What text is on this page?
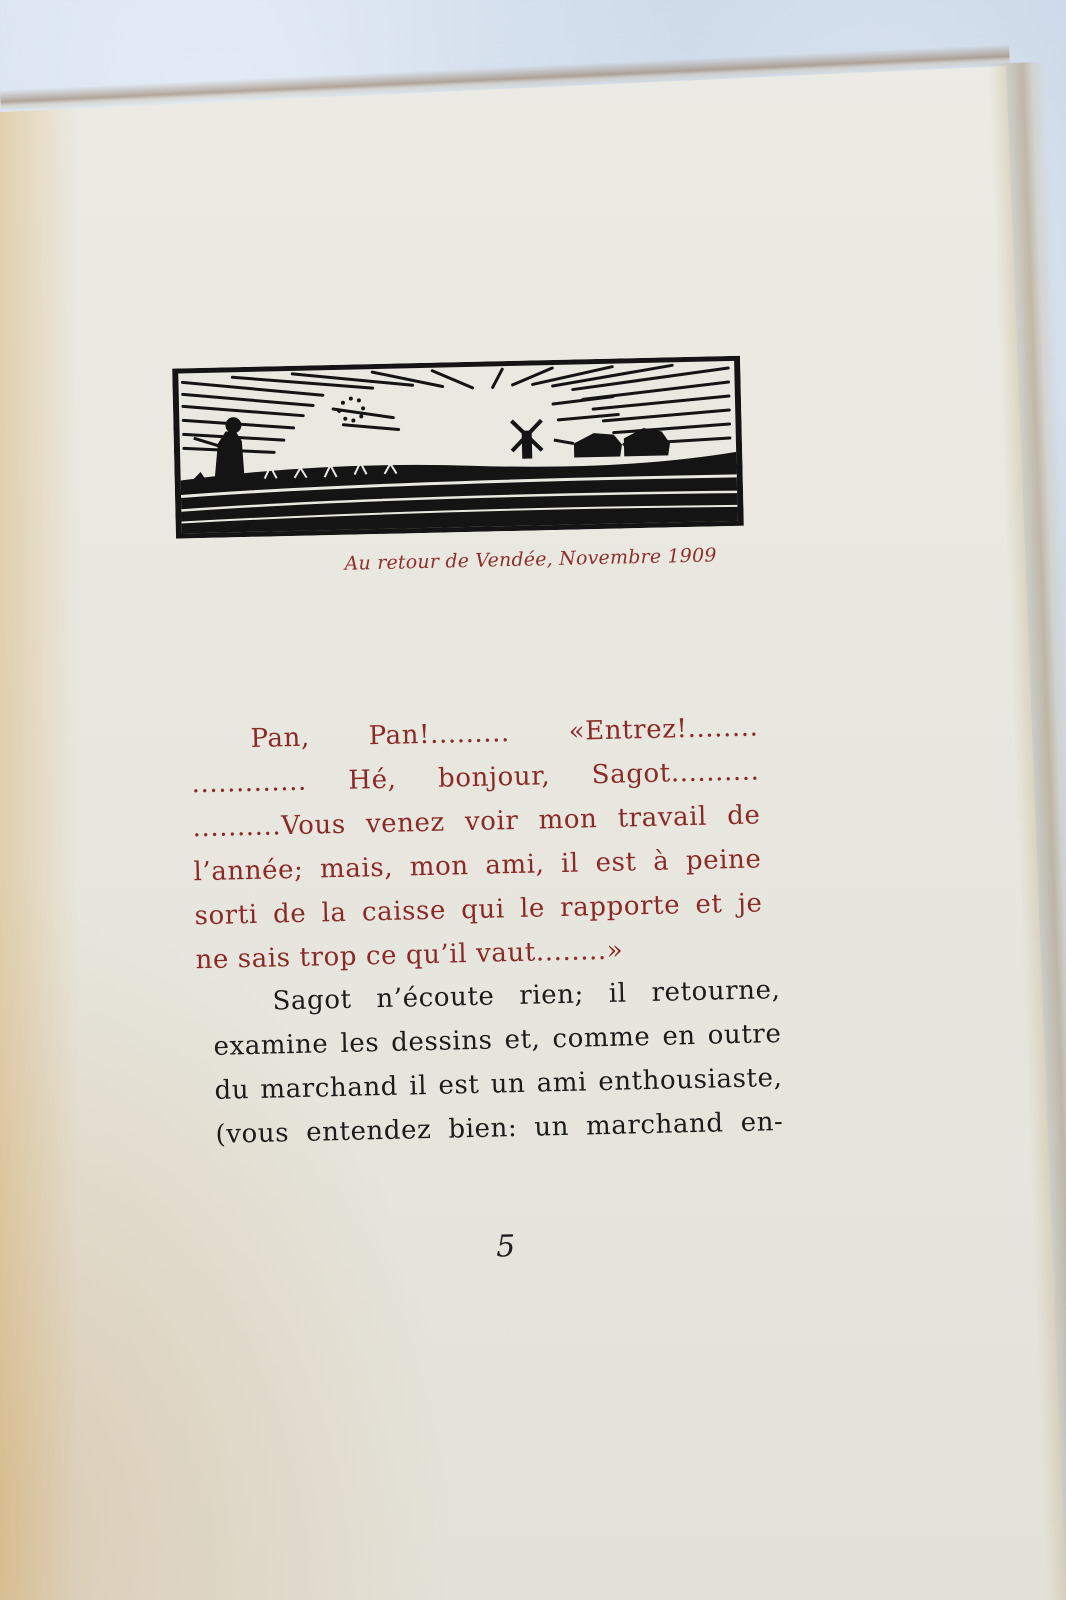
Au retour de Vendée, Novembre 1909
Pan, Pan!......... «Entrez!........
............. Hé, bonjour, Sagot..........
..........Vous venez voir mon travail de
l’année; mais, mon ami, il est à peine
sorti de la caisse qui le rapporte et je
ne sais trop ce qu’il vaut........»
Sagot n’écoute rien; il retourne,
examine les dessins et, comme en outre
du marchand il est un ami enthousiaste,
(vous entendez bien: un marchand en-
5
